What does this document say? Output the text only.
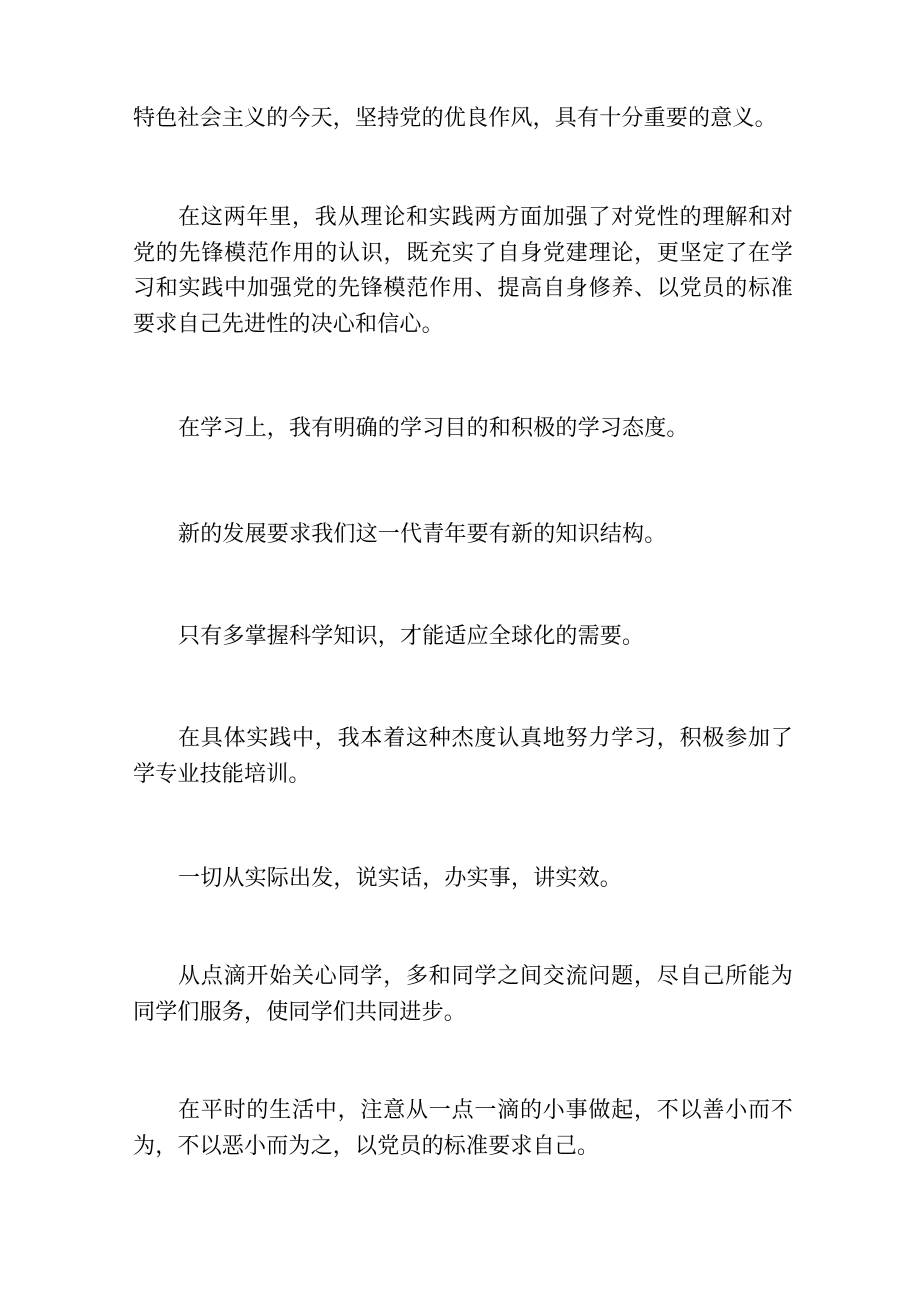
特色社会主义的今天，坚持党的优良作风，具有十分重要的意义。

在这两年里，我从理论和实践两方面加强了对党性的理解和对党的先锋模范作用的认识，既充实了自身党建理论，更坚定了在学习和实践中加强党的先锋模范作用、提高自身修养、以党员的标准要求自己先进性的决心和信心。

在学习上，我有明确的学习目的和积极的学习态度。

新的发展要求我们这一代青年要有新的知识结构。

只有多掌握科学知识，才能适应全球化的需要。

在具体实践中，我本着这种杰度认真地努力学习，积极参加了学专业技能培训。

一切从实际出发，说实话，办实事，讲实效。

从点滴开始关心同学，多和同学之间交流问题，尽自己所能为同学们服务，使同学们共同进步。

在平时的生活中，注意从一点一滴的小事做起，不以善小而不为，不以恶小而为之，以党员的标准要求自己。
